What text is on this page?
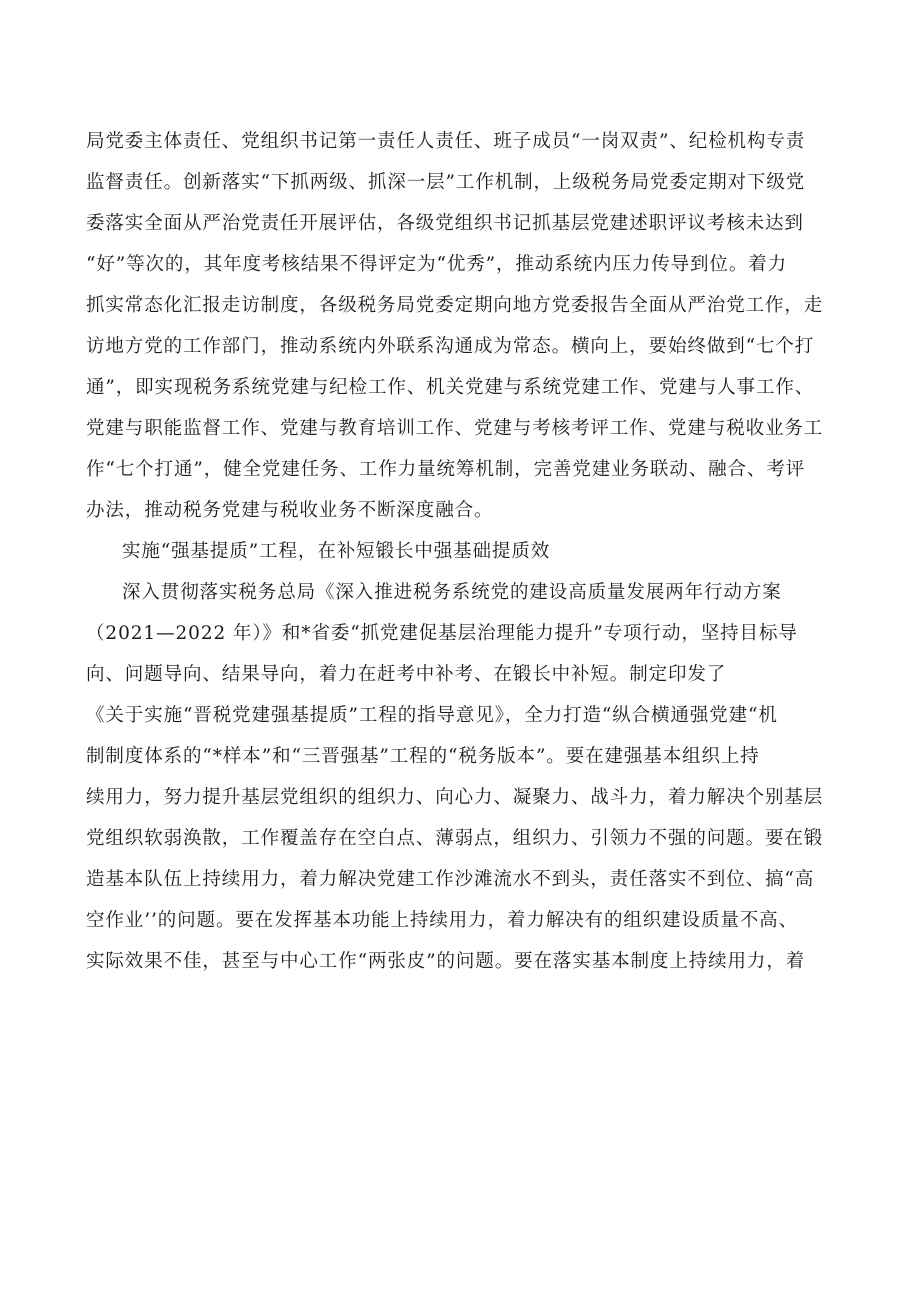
局党委主体责任、党组织书记第一责任人责任、班子成员“一岗双责”、纪检机构专责
监督责任。创新落实“下抓两级、抓深一层”工作机制，上级税务局党委定期对下级党
委落实全面从严治党责任开展评估，各级党组织书记抓基层党建述职评议考核未达到
“好”等次的，其年度考核结果不得评定为“优秀”，推动系统内压力传导到位。着力
抓实常态化汇报走访制度，各级税务局党委定期向地方党委报告全面从严治党工作，走
访地方党的工作部门，推动系统内外联系沟通成为常态。横向上，要始终做到“七个打
通”，即实现税务系统党建与纪检工作、机关党建与系统党建工作、党建与人事工作、
党建与职能监督工作、党建与教育培训工作、党建与考核考评工作、党建与税收业务工
作“七个打通”，健全党建任务、工作力量统筹机制，完善党建业务联动、融合、考评
办法，推动税务党建与税收业务不断深度融合。
实施“强基提质”工程，在补短锻长中强基础提质效
深入贯彻落实税务总局《深入推进税务系统党的建设高质量发展两年行动方案
（2021—2022 年）》和*省委“抓党建促基层治理能力提升”专项行动，坚持目标导
向、问题导向、结果导向，着力在赶考中补考、在锻长中补短。制定印发了
《关于实施“晋税党建强基提质”工程的指导意见》，全力打造“纵合横通强党建“机
制制度体系的“*样本”和“三晋强基”工程的“税务版本”。要在建强基本组织上持
续用力，努力提升基层党组织的组织力、向心力、凝聚力、战斗力，着力解决个别基层
党组织软弱涣散，工作覆盖存在空白点、薄弱点，组织力、引领力不强的问题。要在锻
造基本队伍上持续用力，着力解决党建工作沙滩流水不到头，责任落实不到位、搞“高
空作业’’的问题。要在发挥基本功能上持续用力，着力解决有的组织建设质量不高、
实际效果不佳，甚至与中心工作“两张皮”的问题。要在落实基本制度上持续用力，着
